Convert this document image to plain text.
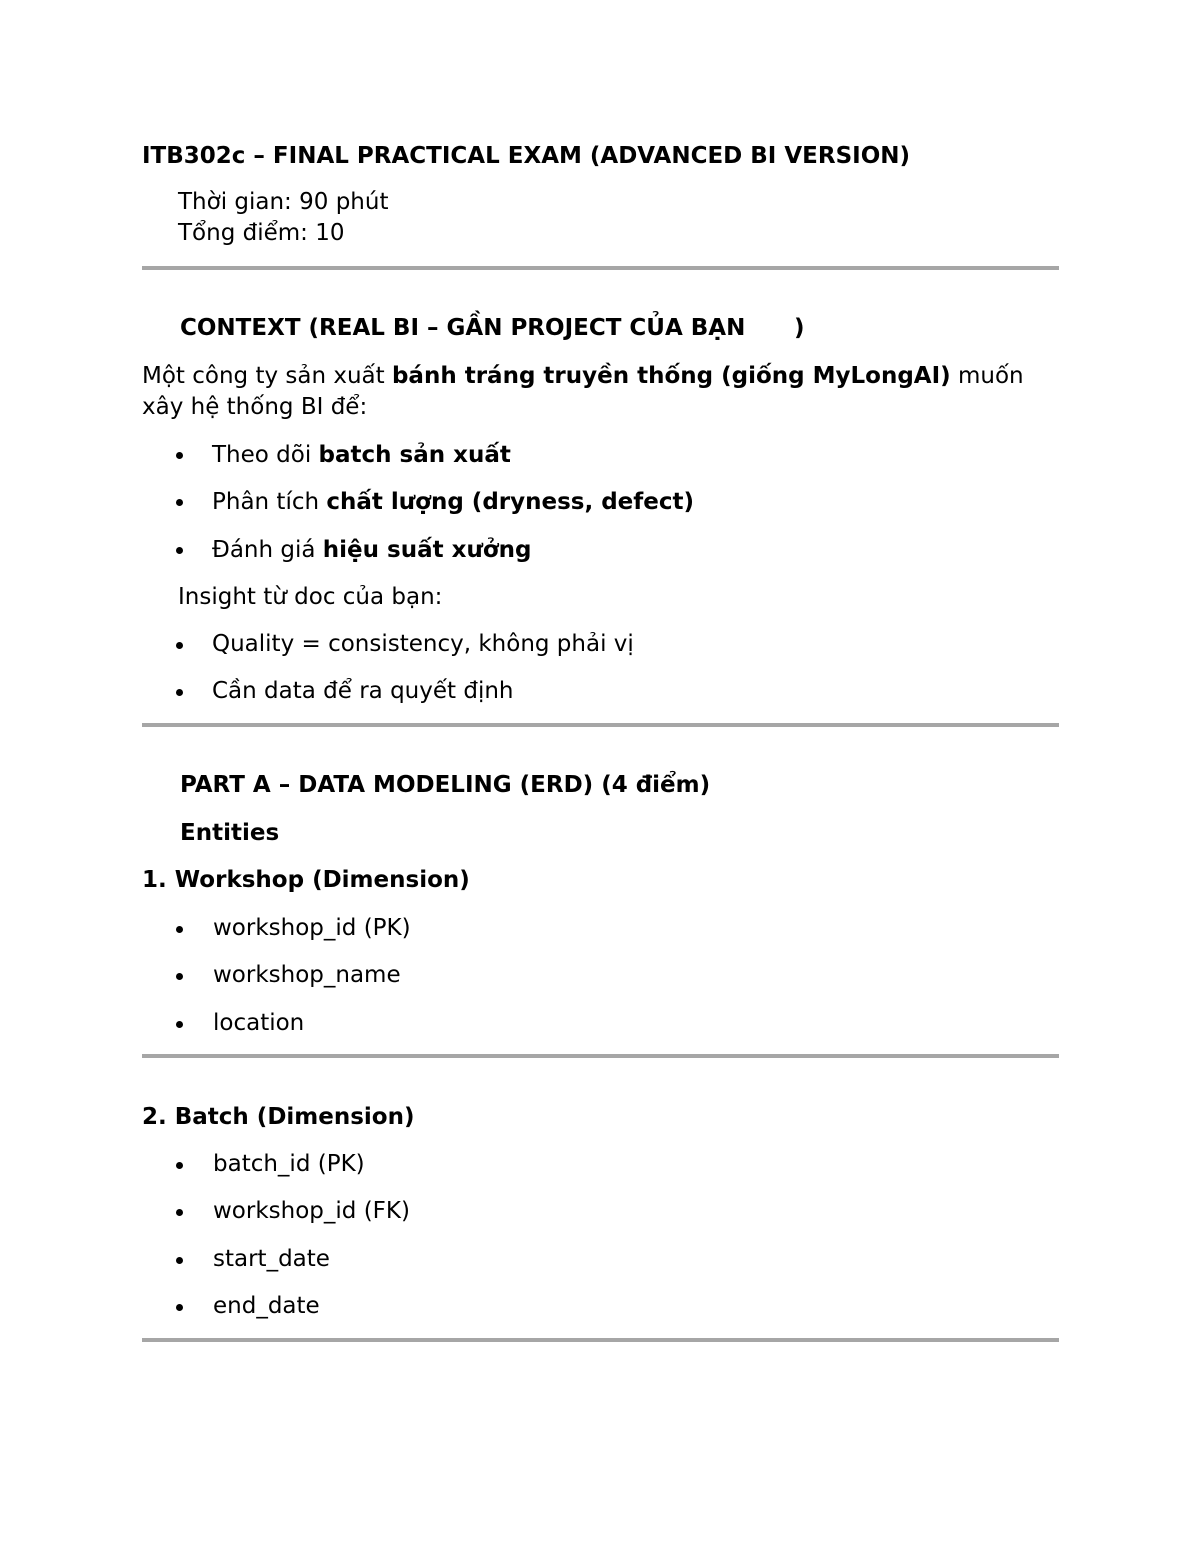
ITB302c – FINAL PRACTICAL EXAM (ADVANCED BI VERSION)
Thời gian: 90 phút
Tổng điểm: 10
CONTEXT (REAL BI – GẦN PROJECT CỦA BẠN )
Một công ty sản xuất bánh tráng truyền thống (giống MyLongAI) muốn
xây hệ thống BI để:
Theo dõi batch sản xuất
Phân tích chất lượng (dryness, defect)
Đánh giá hiệu suất xưởng
Insight từ doc của bạn:
Quality = consistency, không phải vị
Cần data để ra quyết định
PART A – DATA MODELING (ERD) (4 điểm)
Entities
1. Workshop (Dimension)
workshop_id (PK)
workshop_name
location
2. Batch (Dimension)
batch_id (PK)
workshop_id (FK)
start_date
end_date
